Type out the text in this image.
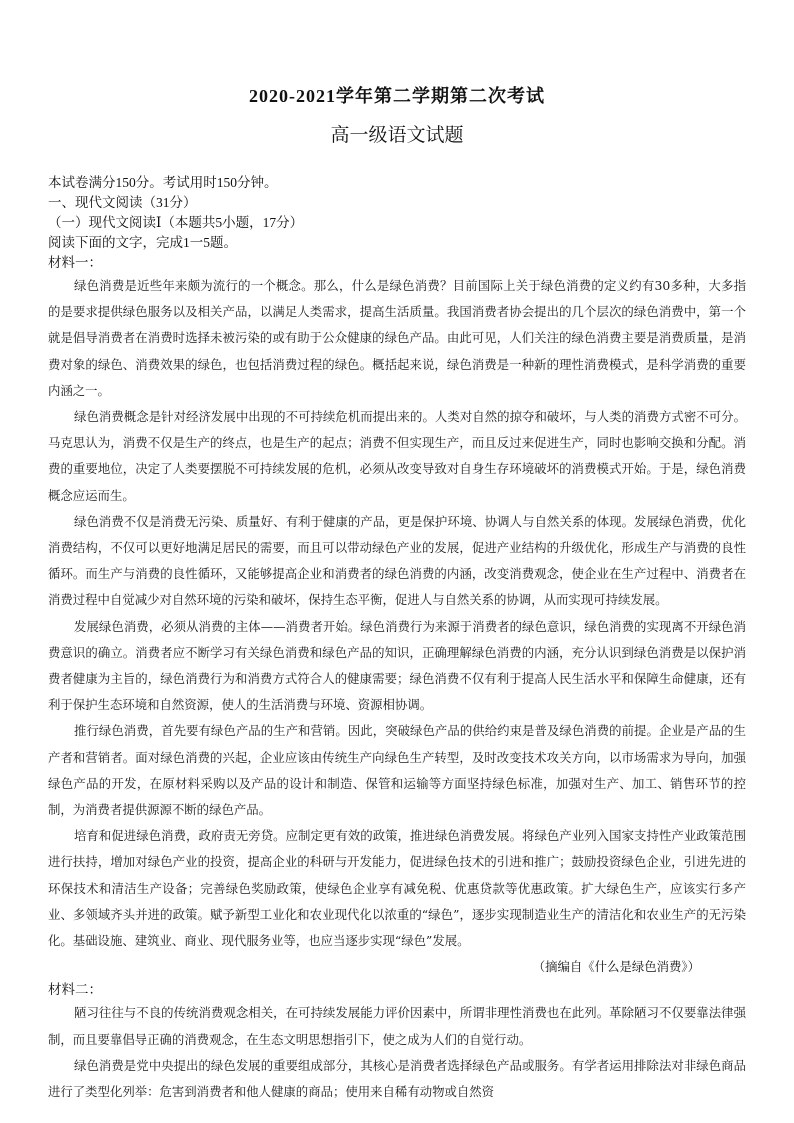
2020-2021学年第二学期第二次考试
高一级语文试题
本试卷满分150分。考试用时150分钟。
一、现代文阅读（31分）
（一）现代文阅读Ⅰ（本题共5小题，17分）
阅读下面的文字，完成1一5题。
材料一：

绿色消费是近些年来颇为流行的一个概念。那么，什么是绿色消费？目前国际上关于绿色消费的定义约有30多种，大多指的是要求提供绿色服务以及相关产品，以满足人类需求，提高生活质量。我国消费者协会提出的几个层次的绿色消费中，第一个就是倡导消费者在消费时选择未被污染的或有助于公众健康的绿色产品。由此可见，人们关注的绿色消费主要是消费质量，是消费对象的绿色、消费效果的绿色，也包括消费过程的绿色。概括起来说，绿色消费是一种新的理性消费模式，是科学消费的重要内涵之一。

绿色消费概念是针对经济发展中出现的不可持续危机而提出来的。人类对自然的掠夺和破坏，与人类的消费方式密不可分。马克思认为，消费不仅是生产的终点，也是生产的起点；消费不但实现生产，而且反过来促进生产，同时也影响交换和分配。消费的重要地位，决定了人类要摆脱不可持续发展的危机，必须从改变导致对自身生存环境破坏的消费模式开始。于是，绿色消费概念应运而生。

绿色消费不仅是消费无污染、质量好、有利于健康的产品，更是保护环境、协调人与自然关系的体现。发展绿色消费，优化消费结构，不仅可以更好地满足居民的需要，而且可以带动绿色产业的发展，促进产业结构的升级优化，形成生产与消费的良性循环。而生产与消费的良性循环，又能够提高企业和消费者的绿色消费的内涵，改变消费观念，使企业在生产过程中、消费者在消费过程中自觉减少对自然环境的污染和破坏，保持生态平衡，促进人与自然关系的协调，从而实现可持续发展。

发展绿色消费，必须从消费的主体——消费者开始。绿色消费行为来源于消费者的绿色意识，绿色消费的实现离不开绿色消费意识的确立。消费者应不断学习有关绿色消费和绿色产品的知识，正确理解绿色消费的内涵，充分认识到绿色消费是以保护消费者健康为主旨的，绿色消费行为和消费方式符合人的健康需要；绿色消费不仅有利于提高人民生活水平和保障生命健康，还有利于保护生态环境和自然资源，使人的生活消费与环境、资源相协调。

推行绿色消费，首先要有绿色产品的生产和营销。因此，突破绿色产品的供给约束是普及绿色消费的前提。企业是产品的生产者和营销者。面对绿色消费的兴起，企业应该由传统生产向绿色生产转型，及时改变技术攻关方向，以市场需求为导向，加强绿色产品的开发，在原材料采购以及产品的设计和制造、保管和运输等方面坚持绿色标准，加强对生产、加工、销售环节的控制，为消费者提供源源不断的绿色产品。

培育和促进绿色消费，政府责无旁贷。应制定更有效的政策，推进绿色消费发展。将绿色产业列入国家支持性产业政策范围进行扶持，增加对绿色产业的投资，提高企业的科研与开发能力，促进绿色技术的引进和推广；鼓励投资绿色企业，引进先进的环保技术和清洁生产设备；完善绿色奖励政策，使绿色企业享有减免税、优惠贷款等优惠政策。扩大绿色生产，应该实行多产业、多领域齐头并进的政策。赋予新型工业化和农业现代化以浓重的“绿色”，逐步实现制造业生产的清洁化和农业生产的无污染化。基础设施、建筑业、商业、现代服务业等，也应当逐步实现“绿色”发展。

（摘编自《什么是绿色消费》）

材料二：

陋习往往与不良的传统消费观念相关，在可持续发展能力评价因素中，所谓非理性消费也在此列。革除陋习不仅要靠法律强制，而且要靠倡导正确的消费观念，在生态文明思想指引下，使之成为人们的自觉行动。

绿色消费是党中央提出的绿色发展的重要组成部分，其核心是消费者选择绿色产品或服务。有学者运用排除法对非绿色商品进行了类型化列举：危害到消费者和他人健康的商品；使用来自稀有动物或自然资
